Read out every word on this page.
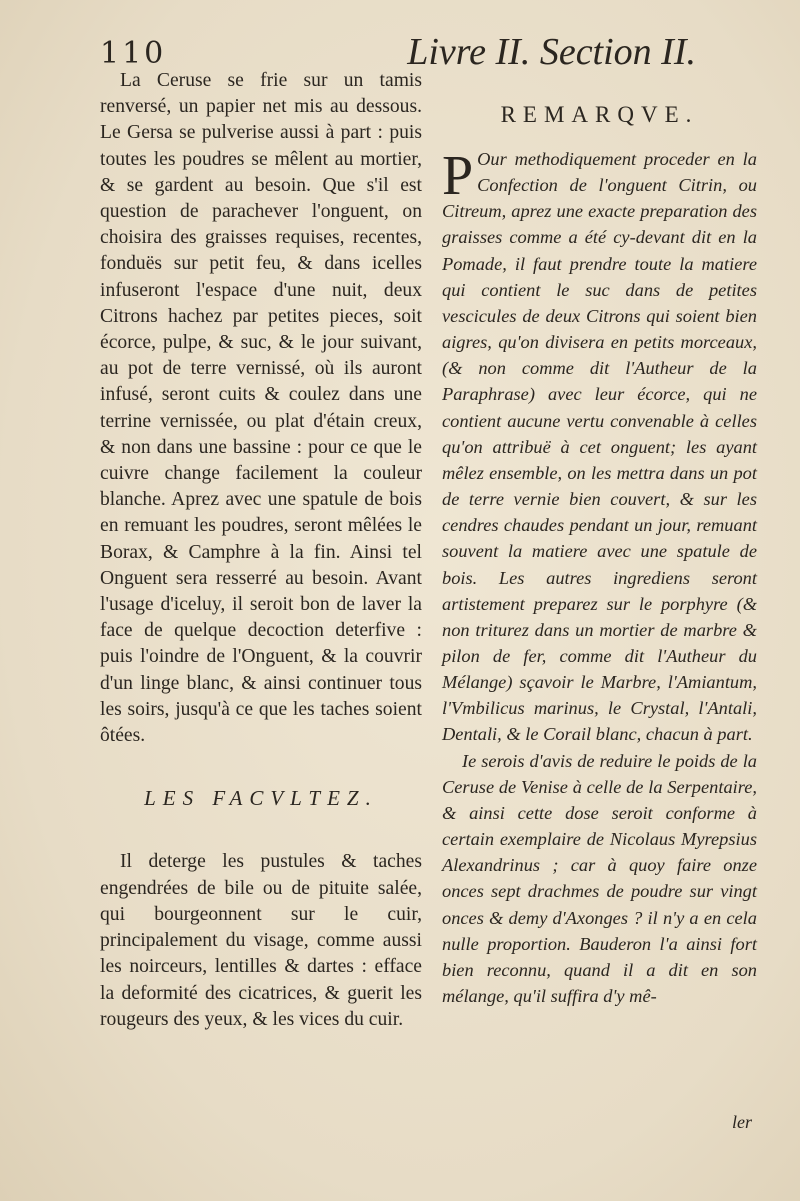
110	Livre II. Section II.

La Ceruse se frie sur un tamis renversé, un papier net mis au dessous. Le Gersa se pulverise aussi à part : puis toutes les poudres se mêlent au mortier, & se gardent au besoin. Que s'il est question de parachever l'onguent, on choisira des graisses requises, recentes, fonduës sur petit feu, & dans icelles infuseront l'espace d'une nuit, deux Citrons hachez par petites pieces, soit écorce, pulpe, & suc, & le jour suivant, au pot de terre vernissé, où ils auront infusé, seront cuits & coulez dans une terrine vernissée, ou plat d'étain creux, & non dans une bassine : pour ce que le cuivre change facilement la couleur blanche. Aprez avec une spatule de bois en remuant les poudres, seront mêlées le Borax, & Camphre à la fin. Ainsi tel Onguent sera resserré au besoin. Avant l'usage d'iceluy, il seroit bon de laver la face de quelque decoction deterfive : puis l'oindre de l'Onguent, & la couvrir d'un linge blanc, & ainsi continuer tous les soirs, jusqu'à ce que les taches soient ôtées.

LES FACVLTEZ.

Il deterge les pustules & taches engendrées de bile ou de pituite salée, qui bourgeonnent sur le cuir, principalement du visage, comme aussi les noirceurs, lentilles & dartes : efface la deformité des cicatrices, & guerit les rougeurs des yeux, & les vices du cuir.

REMARQVE.

P Our methodiquement proceder en la Confection de l'onguent Citrin, ou Citreum, aprez une exacte preparation des graisses comme a été cy-devant dit en la Pomade, il faut prendre toute la matiere qui contient le suc dans de petites vescicules de deux Citrons qui soient bien aigres, qu'on divisera en petits morceaux, (& non comme dit l'Autheur de la Paraphrase) avec leur écorce, qui ne contient aucune vertu convenable à celles qu'on attribuë à cet onguent; les ayant mêlez ensemble, on les mettra dans un pot de terre vernie bien couvert, & sur les cendres chaudes pendant un jour, remuant souvent la matiere avec une spatule de bois. Les autres ingrediens seront artistement preparez sur le porphyre (& non triturez dans un mortier de marbre & pilon de fer, comme dit l'Autheur du Mélange) sçavoir le Marbre, l'Amiantum, l'Vmbilicus marinus, le Crystal, l'Antali, Dentali, & le Corail blanc, chacun à part.

Ie serois d'avis de reduire le poids de la Ceruse de Venise à celle de la Serpentaire, & ainsi cette dose seroit conforme à certain exemplaire de Nicolaus Myrepsius Alexandrinus ; car à quoy faire onze onces sept drachmes de poudre sur vingt onces & demy d'Axonges ? il n'y a en cela nulle proportion. Bauderon l'a ainsi fort bien reconnu, quand il a dit en son mélange, qu'il suffira d'y mê-

ler
